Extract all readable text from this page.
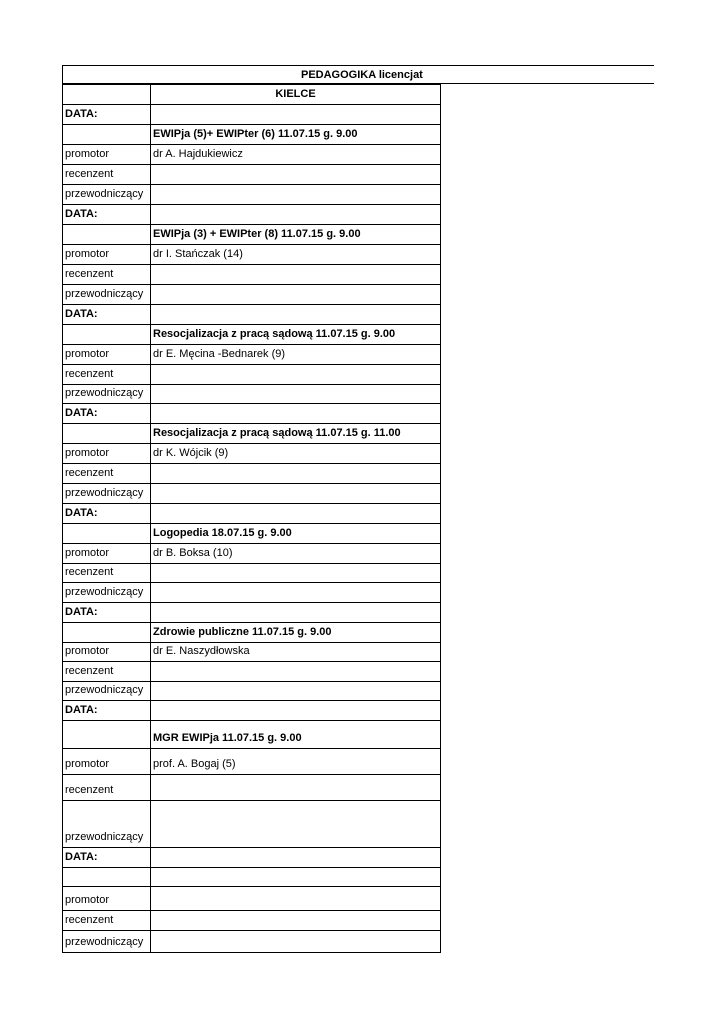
PEDAGOGIKA licencjat
	KIELCE
DATA:	
	EWIPja (5)+ EWIPter (6) 11.07.15 g. 9.00
promotor	dr A. Hajdukiewicz
recenzent	
przewodniczący	
DATA:	
	EWIPja (3) + EWIPter (8) 11.07.15 g. 9.00
promotor	dr I. Stańczak (14)
recenzent	
przewodniczący	
DATA:	
	Resocjalizacja z pracą sądową 11.07.15 g. 9.00
promotor	dr E. Męcina -Bednarek (9)
recenzent	
przewodniczący	
DATA:	
	Resocjalizacja z pracą sądową 11.07.15 g. 11.00
promotor	dr K. Wójcik (9)
recenzent	
przewodniczący	
DATA:	
	Logopedia 18.07.15 g. 9.00
promotor	dr B. Boksa (10)
recenzent	
przewodniczący	
DATA:	
	Zdrowie publiczne 11.07.15 g. 9.00
promotor	dr E. Naszydłowska
recenzent	
przewodniczący	
DATA:	
	MGR EWIPja 11.07.15 g. 9.00
promotor	prof. A. Bogaj (5)
recenzent	
przewodniczący	
DATA:	

promotor	
recenzent	
przewodniczący	
